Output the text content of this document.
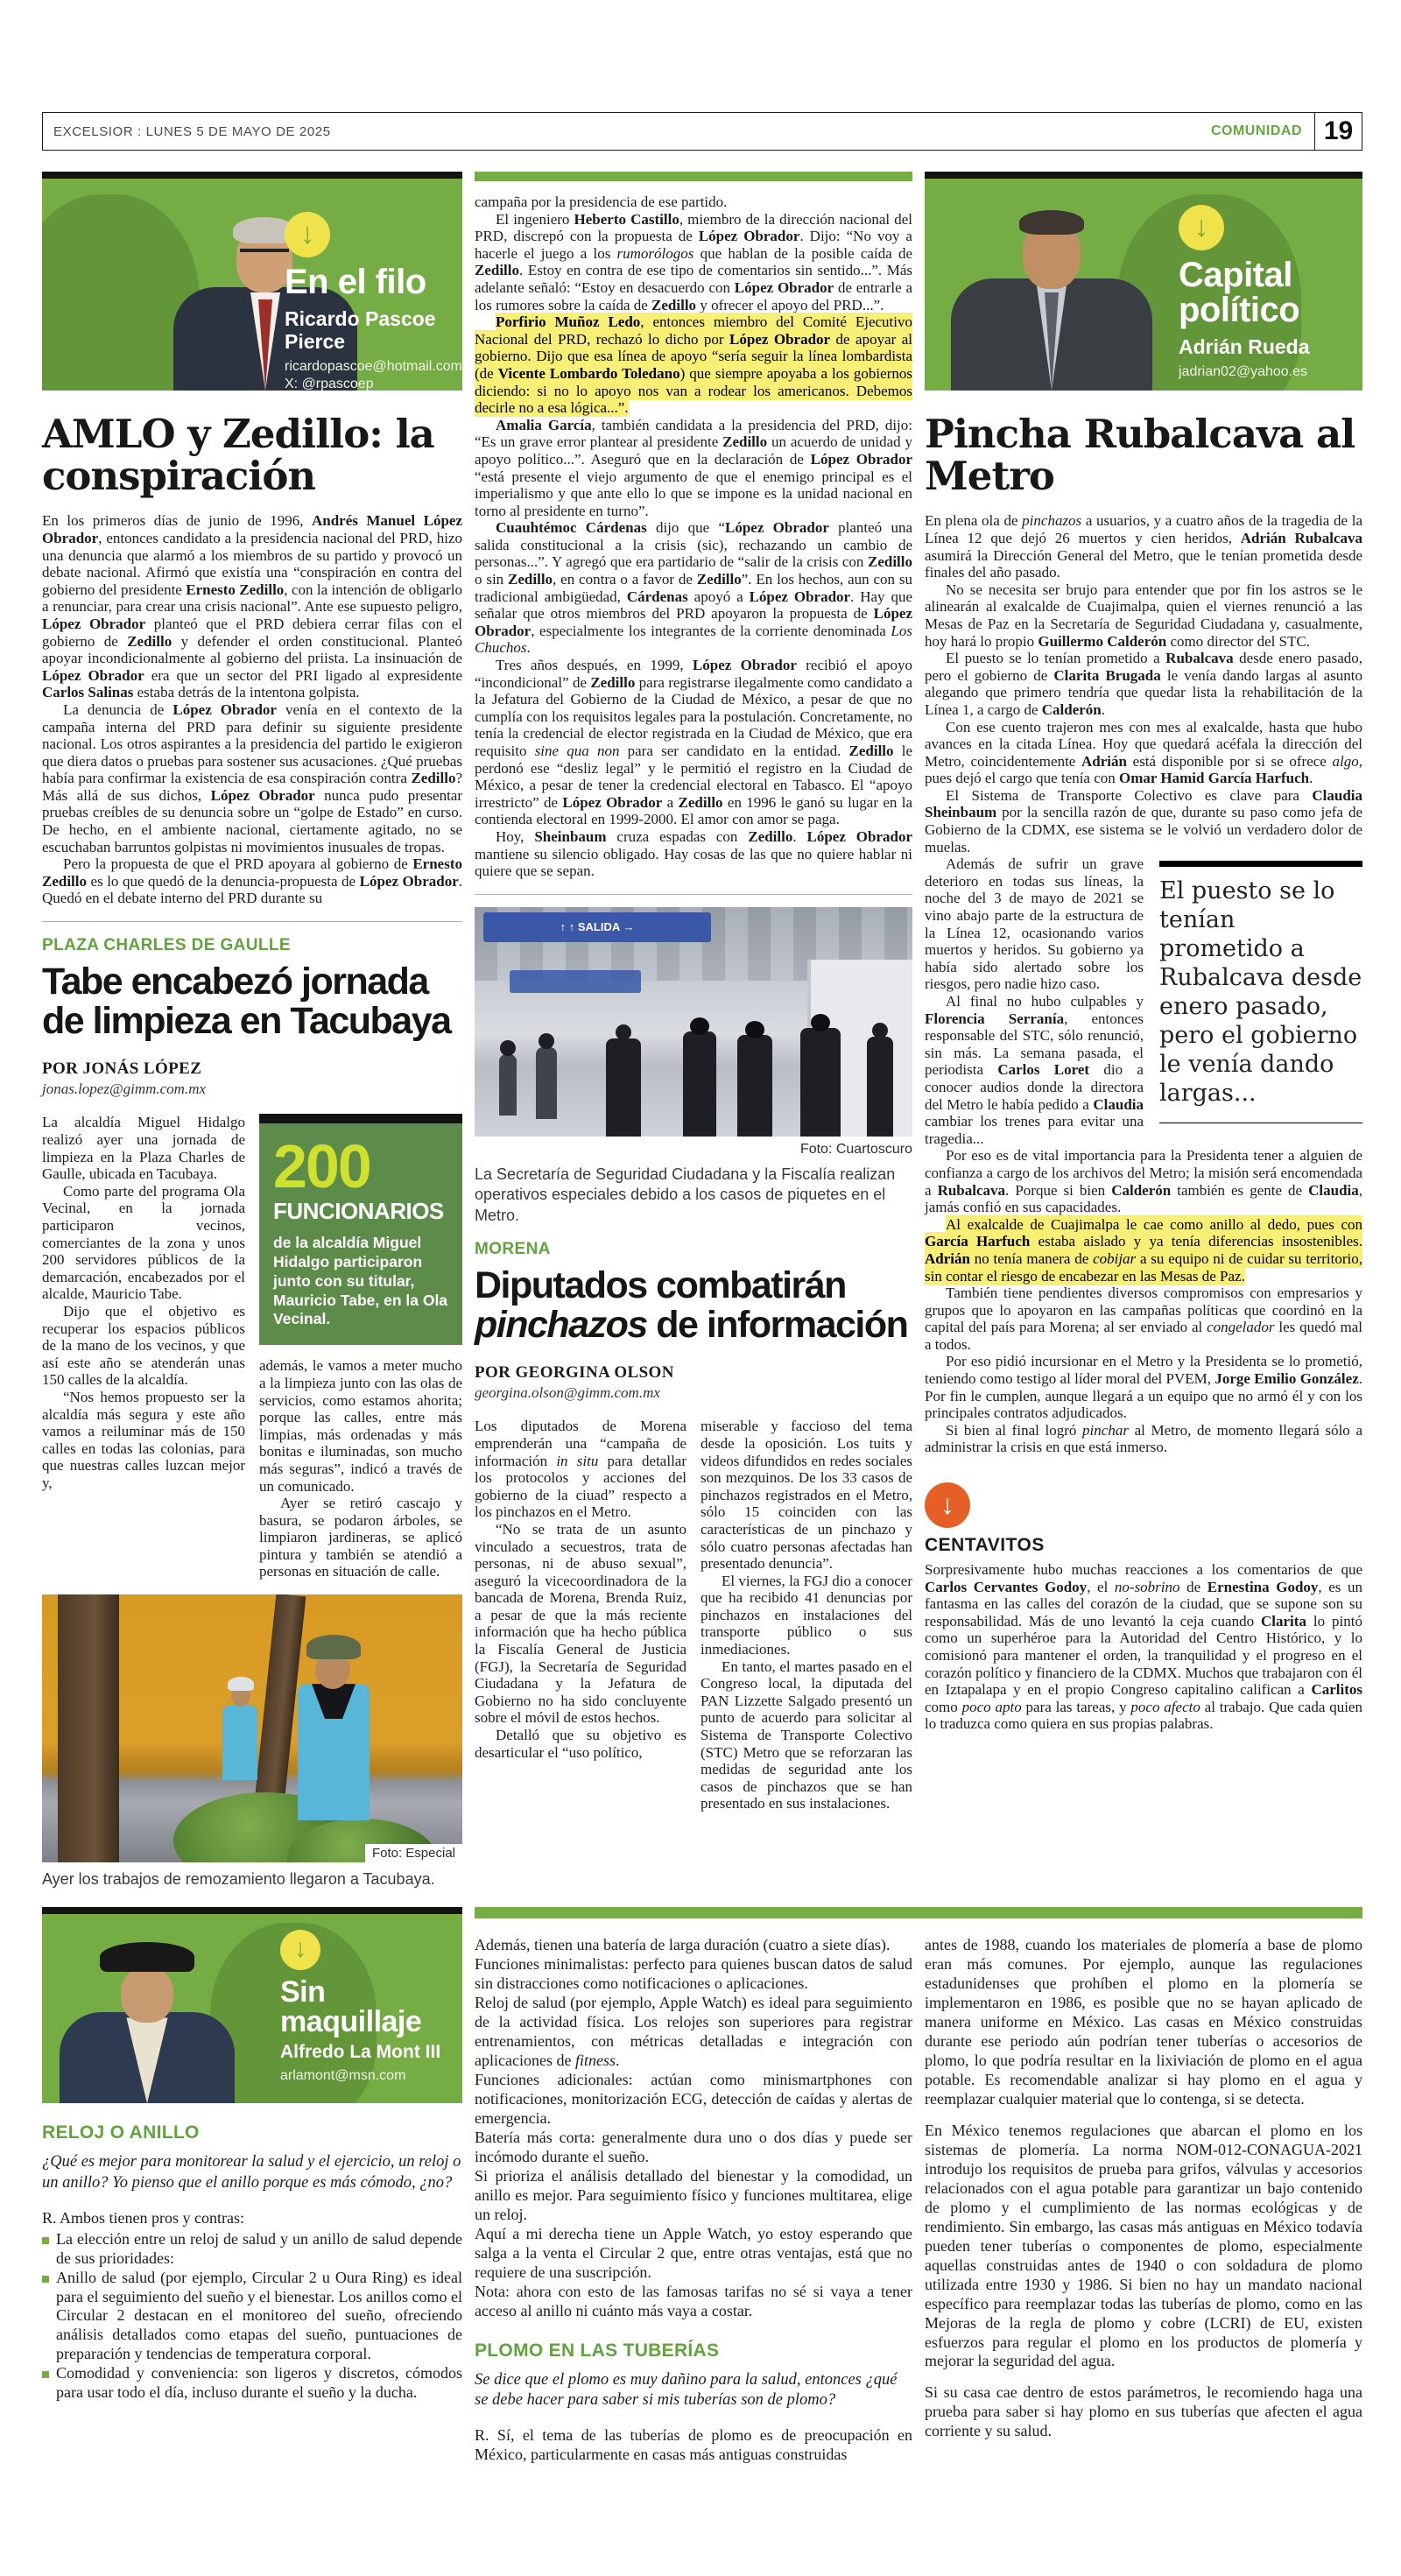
EXCELSIOR : LUNES 5 DE MAYO DE 2025	COMUNIDAD 19
↓
En el filo
Ricardo Pascoe Pierce
ricardopascoe@hotmail.com
X: @rpascoep
AMLO y Zedillo: la conspiración

En los primeros días de junio de 1996, Andrés Manuel López Obrador, entonces candidato a la presidencia nacional del PRD, hizo una denuncia que alarmó a los miembros de su partido y provocó un debate nacional. Afirmó que existía una “conspiración en contra del gobierno del presidente Ernesto Zedillo, con la intención de obligarlo a renunciar, para crear una crisis nacional”. Ante ese supuesto peligro, López Obrador planteó que el PRD debiera cerrar filas con el gobierno de Zedillo y defender el orden constitucional. Planteó apoyar incondicionalmente al gobierno del priista. La insinuación de López Obrador era que un sector del PRI ligado al expresidente Carlos Salinas estaba detrás de la intentona golpista.

La denuncia de López Obrador venía en el contexto de la campaña interna del PRD para definir su siguiente presidente nacional. Los otros aspirantes a la presidencia del partido le exigieron que diera datos o pruebas para sostener sus acusaciones. ¿Qué pruebas había para confirmar la existencia de esa conspiración contra Zedillo? Más allá de sus dichos, López Obrador nunca pudo presentar pruebas creíbles de su denuncia sobre un “golpe de Estado” en curso. De hecho, en el ambiente nacional, ciertamente agitado, no se escuchaban barruntos golpistas ni movimientos inusuales de tropas.

Pero la propuesta de que el PRD apoyara al gobierno de Ernesto Zedillo es lo que quedó de la denuncia-propuesta de López Obrador. Quedó en el debate interno del PRD durante su

PLAZA CHARLES DE GAULLE
Tabe encabezó jornada de limpieza en Tacubaya
POR JONÁS LÓPEZ
jonas.lopez@gimm.com.mx

La alcaldía Miguel Hidalgo realizó ayer una jornada de limpieza en la Plaza Charles de Gaulle, ubicada en Tacubaya.

Como parte del programa Ola Vecinal, en la jornada participaron vecinos, comerciantes de la zona y unos 200 servidores públicos de la demarcación, encabezados por el alcalde, Mauricio Tabe.

Dijo que el objetivo es recuperar los espacios públicos de la mano de los vecinos, y que así este año se atenderán unas 150 calles de la alcaldía.

“Nos hemos propuesto ser la alcaldía más segura y este año vamos a reiluminar más de 150 calles en todas las colonias, para que nuestras calles luzcan mejor y,

200
FUNCIONARIOS
de la alcaldía Miguel Hidalgo participaron junto con su titular, Mauricio Tabe, en la Ola Vecinal.

además, le vamos a meter mucho a la limpieza junto con las olas de servicios, como estamos ahorita; porque las calles, entre más limpias, más ordenadas y más bonitas e iluminadas, son mucho más seguras”, indicó a través de un comunicado.

Ayer se retiró cascajo y basura, se podaron árboles, se limpiaron jardineras, se aplicó pintura y también se atendió a personas en situación de calle.

Foto: Especial
Ayer los trabajos de remozamiento llegaron a Tacubaya.

campaña por la presidencia de ese partido.

El ingeniero Heberto Castillo, miembro de la dirección nacional del PRD, discrepó con la propuesta de López Obrador. Dijo: “No voy a hacerle el juego a los rumorólogos que hablan de la posible caída de Zedillo. Estoy en contra de ese tipo de comentarios sin sentido...”. Más adelante señaló: “Estoy en desacuerdo con López Obrador de entrarle a los rumores sobre la caída de Zedillo y ofrecer el apoyo del PRD...”.

Porfirio Muñoz Ledo, entonces miembro del Comité Ejecutivo Nacional del PRD, rechazó lo dicho por López Obrador de apoyar al gobierno. Dijo que esa línea de apoyo “sería seguir la línea lombardista (de Vicente Lombardo Toledano) que siempre apoyaba a los gobiernos diciendo: si no lo apoyo nos van a rodear los americanos. Debemos decirle no a esa lógica...”.

Amalia García, también candidata a la presidencia del PRD, dijo: “Es un grave error plantear al presidente Zedillo un acuerdo de unidad y apoyo político...”. Aseguró que en la declaración de López Obrador “está presente el viejo argumento de que el enemigo principal es el imperialismo y que ante ello lo que se impone es la unidad nacional en torno al presidente en turno”.

Cuauhtémoc Cárdenas dijo que “López Obrador planteó una salida constitucional a la crisis (sic), rechazando un cambio de personas...”. Y agregó que era partidario de “salir de la crisis con Zedillo o sin Zedillo, en contra o a favor de Zedillo”. En los hechos, aun con su tradicional ambigüedad, Cárdenas apoyó a López Obrador. Hay que señalar que otros miembros del PRD apoyaron la propuesta de López Obrador, especialmente los integrantes de la corriente denominada Los Chuchos.

Tres años después, en 1999, López Obrador recibió el apoyo “incondicional” de Zedillo para registrarse ilegalmente como candidato a la Jefatura del Gobierno de la Ciudad de México, a pesar de que no cumplía con los requisitos legales para la postulación. Concretamente, no tenía la credencial de elector registrada en la Ciudad de México, que era requisito sine qua non para ser candidato en la entidad. Zedillo le perdonó ese “desliz legal” y le permitió el registro en la Ciudad de México, a pesar de tener la credencial electoral en Tabasco. El “apoyo irrestricto” de López Obrador a Zedillo en 1996 le ganó su lugar en la contienda electoral en 1999-2000. El amor con amor se paga.

Hoy, Sheinbaum cruza espadas con Zedillo. López Obrador mantiene su silencio obligado. Hay cosas de las que no quiere hablar ni quiere que se sepan.

↑ ↑ SALIDA →
Foto: Cuartoscuro
La Secretaría de Seguridad Ciudadana y la Fiscalía realizan operativos especiales debido a los casos de piquetes en el Metro.
MORENA
Diputados combatirán pinchazos de información
POR GEORGINA OLSON
georgina.olson@gimm.com.mx

Los diputados de Morena emprenderán una “campaña de información in situ para detallar los protocolos y acciones del gobierno de la ciuad” respecto a los pinchazos en el Metro.

“No se trata de un asunto vinculado a secuestros, trata de personas, ni de abuso sexual”, aseguró la vicecoordinadora de la bancada de Morena, Brenda Ruiz, a pesar de que la más reciente información que ha hecho pública la Fiscalía General de Justicia (FGJ), la Secretaría de Seguridad Ciudadana y la Jefatura de Gobierno no ha sido concluyente sobre el móvil de estos hechos.

Detalló que su objetivo es desarticular el “uso político,

miserable y faccioso del tema desde la oposición. Los tuits y videos difundidos en redes sociales son mezquinos. De los 33 casos de pinchazos registrados en el Metro, sólo 15 coinciden con las características de un pinchazo y sólo cuatro personas afectadas han presentado denuncia”.

El viernes, la FGJ dio a conocer que ha recibido 41 denuncias por pinchazos en instalaciones del transporte público o sus inmediaciones.

En tanto, el martes pasado en el Congreso local, la diputada del PAN Lizzette Salgado presentó un punto de acuerdo para solicitar al Sistema de Transporte Colectivo (STC) Metro que se reforzaran las medidas de seguridad ante los casos de pinchazos que se han presentado en sus instalaciones.

↓
Capital
político
Adrián Rueda
jadrian02@yahoo.es
Pincha Rubalcava al Metro

En plena ola de pinchazos a usuarios, y a cuatro años de la tragedia de la Línea 12 que dejó 26 muertos y cien heridos, Adrián Rubalcava asumirá la Dirección General del Metro, que le tenían prometida desde finales del año pasado.

No se necesita ser brujo para entender que por fin los astros se le alinearán al exalcalde de Cuajimalpa, quien el viernes renunció a las Mesas de Paz en la Secretaría de Seguridad Ciudadana y, casualmente, hoy hará lo propio Guillermo Calderón como director del STC.

El puesto se lo tenían prometido a Rubalcava desde enero pasado, pero el gobierno de Clarita Brugada le venía dando largas al asunto alegando que primero tendría que quedar lista la rehabilitación de la Línea 1, a cargo de Calderón.

Con ese cuento trajeron mes con mes al exalcalde, hasta que hubo avances en la citada Línea. Hoy que quedará acéfala la dirección del Metro, coincidentemente Adrián está disponible por si se ofrece algo, pues dejó el cargo que tenía con Omar Hamid García Harfuch.

El Sistema de Transporte Colectivo es clave para Claudia Sheinbaum por la sencilla razón de que, durante su paso como jefa de Gobierno de la CDMX, ese sistema se le volvió un verdadero dolor de muelas.

El puesto se lo tenían prometido a Rubalcava desde enero pasado, pero el gobierno le venía dando largas...

Además de sufrir un grave deterioro en todas sus líneas, la noche del 3 de mayo de 2021 se vino abajo parte de la estructura de la Línea 12, ocasionando varios muertos y heridos. Su gobierno ya había sido alertado sobre los riesgos, pero nadie hizo caso.

Al final no hubo culpables y Florencia Serranía, entonces responsable del STC, sólo renunció, sin más. La semana pasada, el periodista Carlos Loret dio a conocer audios donde la directora del Metro le había pedido a Claudia cambiar los trenes para evitar una tragedia...

Por eso es de vital importancia para la Presidenta tener a alguien de confianza a cargo de los archivos del Metro; la misión será encomendada a Rubalcava. Porque si bien Calderón también es gente de Claudia, jamás confió en sus capacidades.

Al exalcalde de Cuajimalpa le cae como anillo al dedo, pues con García Harfuch estaba aislado y ya tenía diferencias insostenibles. Adrián no tenía manera de cobijar a su equipo ni de cuidar su territorio, sin contar el riesgo de encabezar en las Mesas de Paz.

También tiene pendientes diversos compromisos con empresarios y grupos que lo apoyaron en las campañas políticas que coordinó en la capital del país para Morena; al ser enviado al congelador les quedó mal a todos.

Por eso pidió incursionar en el Metro y la Presidenta se lo prometió, teniendo como testigo al líder moral del PVEM, Jorge Emilio González. Por fin le cumplen, aunque llegará a un equipo que no armó él y con los principales contratos adjudicados.

Si bien al final logró pinchar al Metro, de momento llegará sólo a administrar la crisis en que está inmerso.

↓
CENTAVITOS

Sorpresivamente hubo muchas reacciones a los comentarios de que Carlos Cervantes Godoy, el no-sobrino de Ernestina Godoy, es un fantasma en las calles del corazón de la ciudad, que se supone son su responsabilidad. Más de uno levantó la ceja cuando Clarita lo pintó como un superhéroe para la Autoridad del Centro Histórico, y lo comisionó para mantener el orden, la tranquilidad y el progreso en el corazón político y financiero de la CDMX. Muchos que trabajaron con él en Iztapalapa y en el propio Congreso capitalino califican a Carlitos como poco apto para las tareas, y poco afecto al trabajo. Que cada quien lo traduzca como quiera en sus propias palabras.

↓
Sin
maquillaje
Alfredo La Mont III
arlamont@msn.com
RELOJ O ANILLO
¿Qué es mejor para monitorear la salud y el ejercicio, un reloj o un anillo? Yo pienso que el anillo porque es más cómodo, ¿no?

R. Ambos tienen pros y contras:

La elección entre un reloj de salud y un anillo de salud depende de sus prioridades:
Anillo de salud (por ejemplo, Circular 2 u Oura Ring) es ideal para el seguimiento del sueño y el bienestar. Los anillos como el Circular 2 destacan en el monitoreo del sueño, ofreciendo análisis detallados como etapas del sueño, puntuaciones de preparación y tendencias de temperatura corporal.
Comodidad y conveniencia: son ligeros y discretos, cómodos para usar todo el día, incluso durante el sueño y la ducha.

Además, tienen una batería de larga duración (cuatro a siete días).

Funciones minimalistas: perfecto para quienes buscan datos de salud sin distracciones como notificaciones o aplicaciones.

Reloj de salud (por ejemplo, Apple Watch) es ideal para seguimiento de la actividad física. Los relojes son superiores para registrar entrenamientos, con métricas detalladas e integración con aplicaciones de fitness.

Funciones adicionales: actúan como minismartphones con notificaciones, monitorización ECG, detección de caídas y alertas de emergencia.

Batería más corta: generalmente dura uno o dos días y puede ser incómodo durante el sueño.

Si prioriza el análisis detallado del bienestar y la comodidad, un anillo es mejor. Para seguimiento físico y funciones multitarea, elige un reloj.

Aquí a mi derecha tiene un Apple Watch, yo estoy esperando que salga a la venta el Circular 2 que, entre otras ventajas, está que no requiere de una suscripción.

Nota: ahora con esto de las famosas tarifas no sé si vaya a tener acceso al anillo ni cuánto más vaya a costar.

PLOMO EN LAS TUBERÍAS
Se dice que el plomo es muy dañino para la salud, entonces ¿qué se debe hacer para saber si mis tuberías son de plomo?

R. Sí, el tema de las tuberías de plomo es de preocupación en México, particularmente en casas más antiguas construidas

antes de 1988, cuando los materiales de plomería a base de plomo eran más comunes. Por ejemplo, aunque las regulaciones estadunidenses que prohíben el plomo en la plomería se implementaron en 1986, es posible que no se hayan aplicado de manera uniforme en México. Las casas en México construidas durante ese periodo aún podrían tener tuberías o accesorios de plomo, lo que podría resultar en la lixiviación de plomo en el agua potable. Es recomendable analizar si hay plomo en el agua y reemplazar cualquier material que lo contenga, si se detecta.

En México tenemos regulaciones que abarcan el plomo en los sistemas de plomería. La norma NOM-012-CONAGUA-2021 introdujo los requisitos de prueba para grifos, válvulas y accesorios relacionados con el agua potable para garantizar un bajo contenido de plomo y el cumplimiento de las normas ecológicas y de rendimiento. Sin embargo, las casas más antiguas en México todavía pueden tener tuberías o componentes de plomo, especialmente aquellas construidas antes de 1940 o con soldadura de plomo utilizada entre 1930 y 1986. Si bien no hay un mandato nacional específico para reemplazar todas las tuberías de plomo, como en las Mejoras de la regla de plomo y cobre (LCRI) de EU, existen esfuerzos para regular el plomo en los productos de plomería y mejorar la seguridad del agua.

Si su casa cae dentro de estos parámetros, le recomiendo haga una prueba para saber si hay plomo en sus tuberías que afecten el agua corriente y su salud.
